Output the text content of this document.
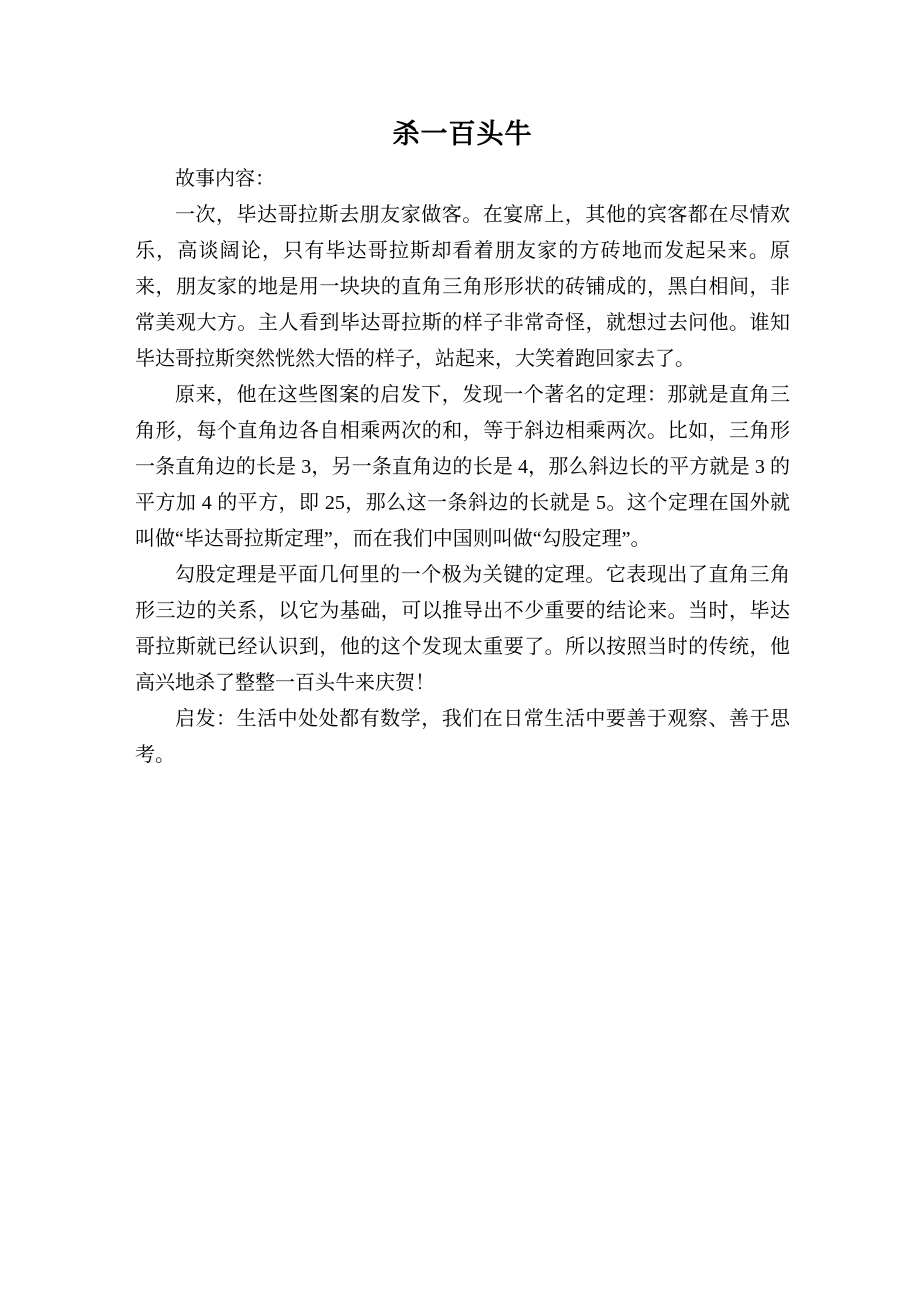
杀一百头牛

故事内容：

一次，毕达哥拉斯去朋友家做客。在宴席上，其他的宾客都在尽情欢乐，高谈阔论，只有毕达哥拉斯却看着朋友家的方砖地而发起呆来。原来，朋友家的地是用一块块的直角三角形形状的砖铺成的，黑白相间，非常美观大方。主人看到毕达哥拉斯的样子非常奇怪，就想过去问他。谁知毕达哥拉斯突然恍然大悟的样子，站起来，大笑着跑回家去了。

原来，他在这些图案的启发下，发现一个著名的定理：那就是直角三角形，每个直角边各自相乘两次的和，等于斜边相乘两次。比如，三角形一条直角边的长是 3，另一条直角边的长是 4，那么斜边长的平方就是 3 的平方加 4 的平方，即 25，那么这一条斜边的长就是 5。这个定理在国外就叫做“毕达哥拉斯定理”，而在我们中国则叫做“勾股定理”。

勾股定理是平面几何里的一个极为关键的定理。它表现出了直角三角形三边的关系，以它为基础，可以推导出不少重要的结论来。当时，毕达哥拉斯就已经认识到，他的这个发现太重要了。所以按照当时的传统，他高兴地杀了整整一百头牛来庆贺！

启发：生活中处处都有数学，我们在日常生活中要善于观察、善于思考。
